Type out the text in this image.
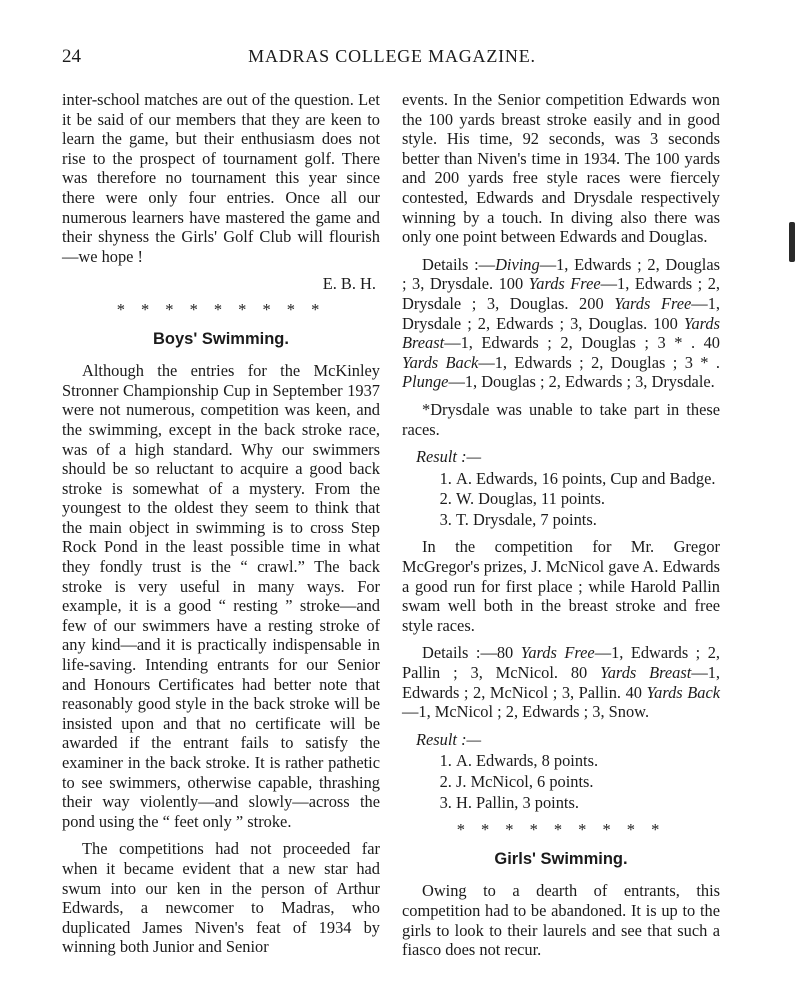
24	MADRAS COLLEGE MAGAZINE.

inter-school matches are out of the question. Let it be said of our members that they are keen to learn the game, but their enthusiasm does not rise to the prospect of tournament golf. There was therefore no tournament this year since there were only four entries. Once all our numerous learners have mastered the game and their shyness the Girls' Golf Club will flourish—we hope !

E. B. H.
* * * * * * * * *
Boys' Swimming.

Although the entries for the McKinley Stronner Championship Cup in September 1937 were not numerous, competition was keen, and the swimming, except in the back stroke race, was of a high standard. Why our swimmers should be so reluctant to acquire a good back stroke is somewhat of a mystery. From the youngest to the oldest they seem to think that the main object in swimming is to cross Step Rock Pond in the least possible time in what they fondly trust is the “ crawl.” The back stroke is very useful in many ways. For example, it is a good “ resting ” stroke—and few of our swimmers have a resting stroke of any kind—and it is practically indispensable in life-saving. Intending entrants for our Senior and Honours Certificates had better note that reasonably good style in the back stroke will be insisted upon and that no certificate will be awarded if the entrant fails to satisfy the examiner in the back stroke. It is rather pathetic to see swimmers, otherwise capable, thrashing their way violently—and slowly—across the pond using the “ feet only ” stroke.

The competitions had not proceeded far when it became evident that a new star had swum into our ken in the person of Arthur Edwards, a newcomer to Madras, who duplicated James Niven's feat of 1934 by winning both Junior and Senior

events. In the Senior competition Edwards won the 100 yards breast stroke easily and in good style. His time, 92 seconds, was 3 seconds better than Niven's time in 1934. The 100 yards and 200 yards free style races were fiercely contested, Edwards and Drysdale respectively winning by a touch. In diving also there was only one point between Edwards and Douglas.

Details :—Diving—1, Edwards ; 2, Douglas ; 3, Drysdale. 100 Yards Free—1, Edwards ; 2, Drysdale ; 3, Douglas. 200 Yards Free—1, Drysdale ; 2, Edwards ; 3, Douglas. 100 Yards Breast—1, Edwards ; 2, Douglas ; 3 * . 40 Yards Back—1, Edwards ; 2, Douglas ; 3 * . Plunge—1, Douglas ; 2, Edwards ; 3, Drysdale.

*Drysdale was unable to take part in these races.

Result :—
1. A. Edwards, 16 points, Cup and Badge.
2. W. Douglas, 11 points.
3. T. Drysdale, 7 points.

In the competition for Mr. Gregor McGregor's prizes, J. McNicol gave A. Edwards a good run for first place ; while Harold Pallin swam well both in the breast stroke and free style races.

Details :—80 Yards Free—1, Edwards ; 2, Pallin ; 3, McNicol. 80 Yards Breast—1, Edwards ; 2, McNicol ; 3, Pallin. 40 Yards Back—1, McNicol ; 2, Edwards ; 3, Snow.

Result :—
1. A. Edwards, 8 points.
2. J. McNicol, 6 points.
3. H. Pallin, 3 points.
* * * * * * * * *
Girls' Swimming.

Owing to a dearth of entrants, this competition had to be abandoned. It is up to the girls to look to their laurels and see that such a fiasco does not recur.
